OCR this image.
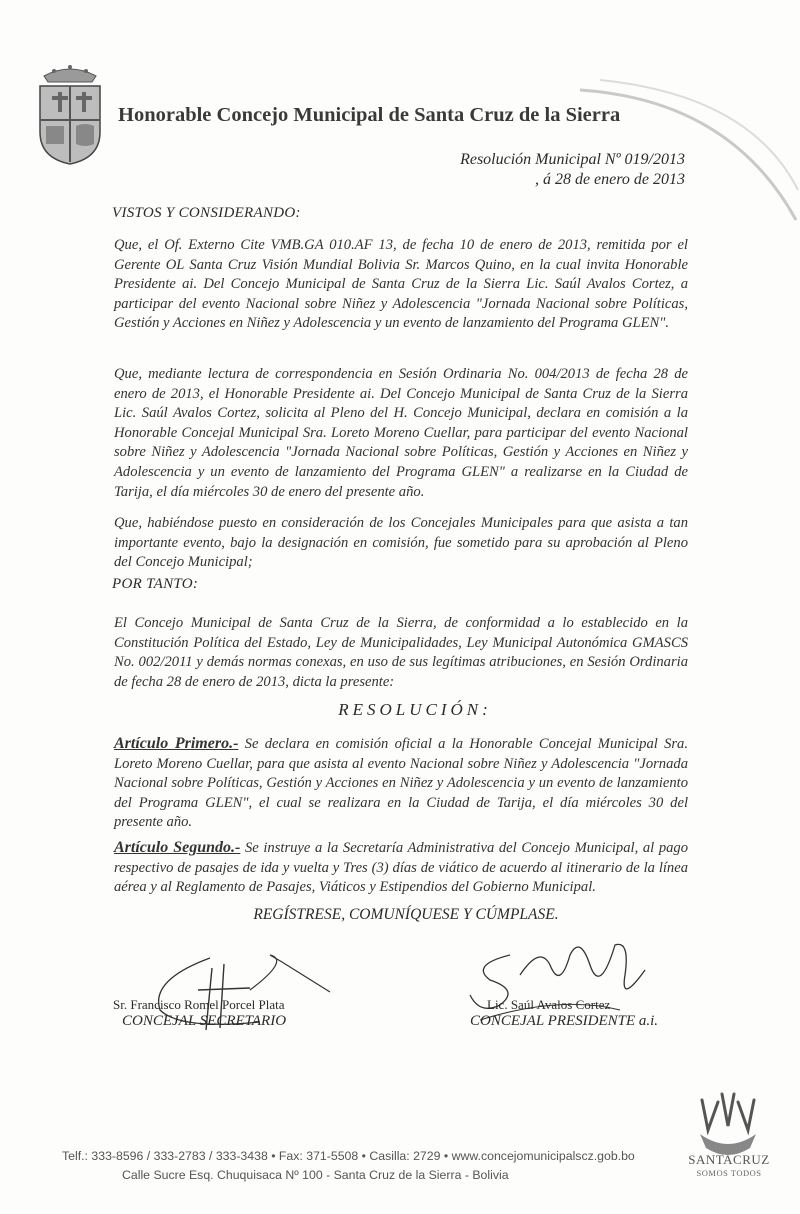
Honorable Concejo Municipal de Santa Cruz de la Sierra
Resolución Municipal Nº 019/2013
, á 28 de enero de 2013
VISTOS Y CONSIDERANDO:
Que, el Of. Externo Cite VMB.GA 010.AF 13, de fecha 10 de enero de 2013, remitida por el Gerente OL Santa Cruz Visión Mundial Bolivia Sr. Marcos Quino, en la cual invita Honorable Presidente ai. Del Concejo Municipal de Santa Cruz de la Sierra Lic. Saúl Avalos Cortez, a participar del evento Nacional sobre Niñez y Adolescencia "Jornada Nacional sobre Políticas, Gestión y Acciones en Niñez y Adolescencia y un evento de lanzamiento del Programa GLEN".
Que, mediante lectura de correspondencia en Sesión Ordinaria No. 004/2013 de fecha 28 de enero de 2013, el Honorable Presidente ai. Del Concejo Municipal de Santa Cruz de la Sierra Lic. Saúl Avalos Cortez, solicita al Pleno del H. Concejo Municipal, declara en comisión a la Honorable Concejal Municipal Sra. Loreto Moreno Cuellar, para participar del evento Nacional sobre Niñez y Adolescencia "Jornada Nacional sobre Políticas, Gestión y Acciones en Niñez y Adolescencia y un evento de lanzamiento del Programa GLEN" a realizarse en la Ciudad de Tarija, el día miércoles 30 de enero del presente año.
Que, habiéndose puesto en consideración de los Concejales Municipales para que asista a tan importante evento, bajo la designación en comisión, fue sometido para su aprobación al Pleno del Concejo Municipal;
POR TANTO:
El Concejo Municipal de Santa Cruz de la Sierra, de conformidad a lo establecido en la Constitución Política del Estado, Ley de Municipalidades, Ley Municipal Autonómica GMASCS No. 002/2011 y demás normas conexas, en uso de sus legítimas atribuciones, en Sesión Ordinaria de fecha 28 de enero de 2013, dicta la presente:
RESOLUCIÓN:
Artículo Primero.- Se declara en comisión oficial a la Honorable Concejal Municipal Sra. Loreto Moreno Cuellar, para que asista al evento Nacional sobre Niñez y Adolescencia "Jornada Nacional sobre Políticas, Gestión y Acciones en Niñez y Adolescencia y un evento de lanzamiento del Programa GLEN", el cual se realizara en la Ciudad de Tarija, el día miércoles 30 del presente año.
Artículo Segundo.- Se instruye a la Secretaría Administrativa del Concejo Municipal, al pago respectivo de pasajes de ida y vuelta y Tres (3) días de viático de acuerdo al itinerario de la línea aérea y al Reglamento de Pasajes, Viáticos y Estipendios del Gobierno Municipal.
REGÍSTRESE, COMUNÍQUESE Y CÚMPLASE.
Sr. Francisco Romel Porcel Plata
CONCEJAL SECRETARIO
Lic. Saúl Avalos Cortez
CONCEJAL PRESIDENTE a.i.
Telf.: 333-8596 / 333-2783 / 333-3438 • Fax: 371-5508 • Casilla: 2729 • www.concejomunicipalscz.gob.bo
Calle Sucre Esq. Chuquisaca Nº 100 - Santa Cruz de la Sierra - Bolivia
SANTACRUZ
SOMOS TODOS
